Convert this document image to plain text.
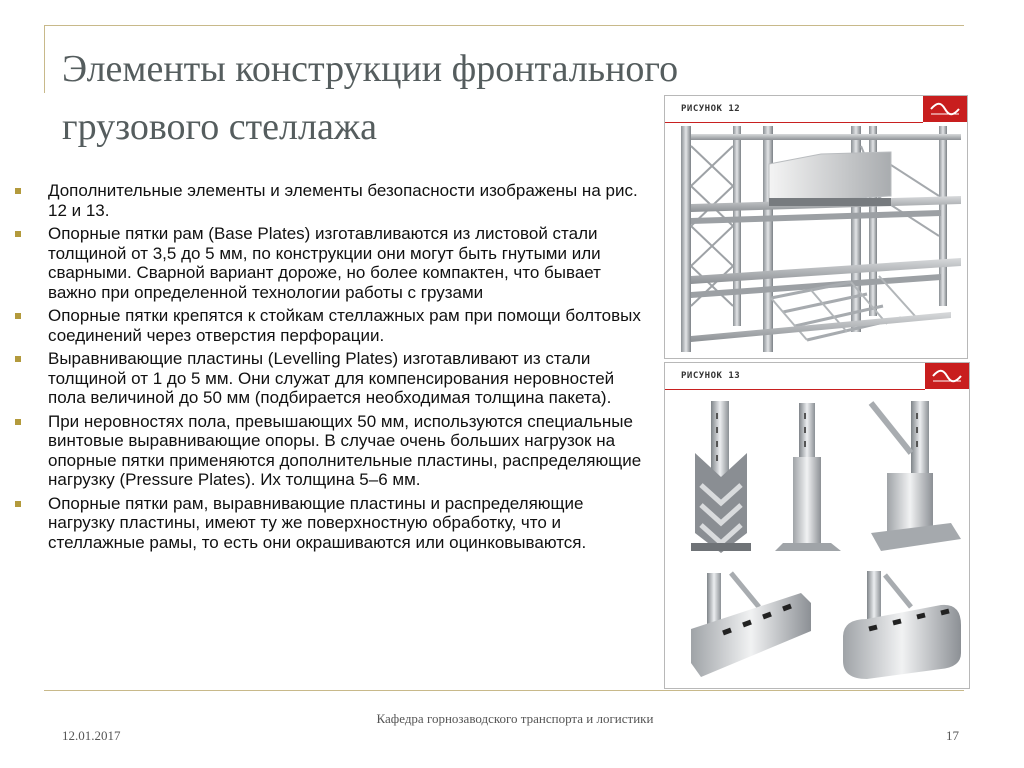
Элементы конструкции фронтального грузового стеллажа
Дополнительные элементы и элементы безопасности изображены на рис. 12 и 13.
Опорные пятки рам (Base Plates) изготавливаются из листовой стали толщиной от 3,5 до 5 мм, по конструкции они могут быть гнутыми или сварными. Сварной вариант дороже, но более компактен, что бывает важно при определенной технологии работы с грузами
Опорные пятки крепятся к стойкам стеллажных рам при помощи болтовых соединений через отверстия перфорации.
Выравнивающие пластины (Levelling Plates) изготавливают из стали толщиной от 1 до 5 мм. Они служат для компенсирования неровностей пола величиной до 50 мм (подбирается необходимая толщина пакета).
При неровностях пола, превышающих 50 мм, используются специальные винтовые выравнивающие опоры. В случае очень больших нагрузок на опорные пятки применяются дополнительные пластины, распределяющие нагрузку (Pressure Plates). Их толщина 5–6 мм.
Опорные пятки рам, выравнивающие пластины и распределяющие нагрузку пластины, имеют ту же поверхностную обработку, что и стеллажные рамы, то есть они окрашиваются или оцинковываются.
РИСУНОК 12
РИСУНОК 13
12.01.2017
Кафедра горнозаводского транспорта и логистики
17
